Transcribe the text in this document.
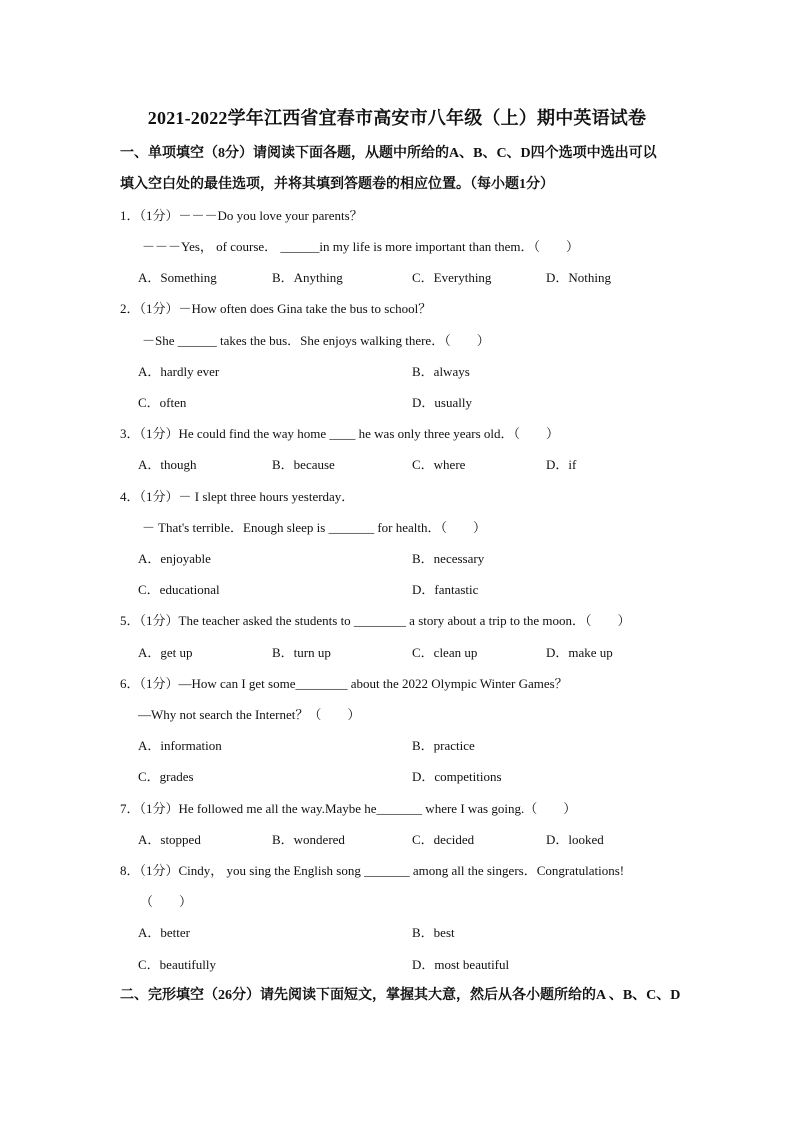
2021-2022学年江西省宜春市高安市八年级（上）期中英语试卷
一、单项填空（8分）请阅读下面各题，从题中所给的A、B、C、D四个选项中选出可以
填入空白处的最佳选项，并将其填到答题卷的相应位置。（每小题1分）
1．（1分）－－－Do you love your parents？
－－－Yes， of course． ______in my life is more important than them．（　　）
A．Something	B．Anything	C．Everything	D．Nothing
2．（1分）－How often does Gina take the bus to school？
－She ______ takes the bus．She enjoys walking there．（　　）
A．hardly ever	B．always
C．often	D．usually
3．（1分）He could find the way home ____ he was only three years old．（　　）
A．though	B．because	C．where	D．if
4．（1分）－ I slept three hours yesterday．
－ That's terrible．Enough sleep is _______ for health．（　　）
A．enjoyable	B．necessary
C．educational	D．fantastic
5．（1分）The teacher asked the students to ________ a story about a trip to the moon．（　　）
A．get up	B．turn up	C．clean up	D．make up
6．（1分）—How can I get some________ about the 2022 Olympic Winter Games？
—Why not search the Internet？（　　）
A．information	B．practice
C．grades	D．competitions
7．（1分）He followed me all the way.Maybe he_______ where I was going.（　　）
A．stopped	B．wondered	C．decided	D．looked
8．（1分）Cindy， you sing the English song _______ among all the singers．Congratulations!
（　　）
A．better	B．best
C．beautifully	D．most beautiful
二、完形填空（26分）请先阅读下面短文，掌握其大意，然后从各小题所给的A 、B、C、D
